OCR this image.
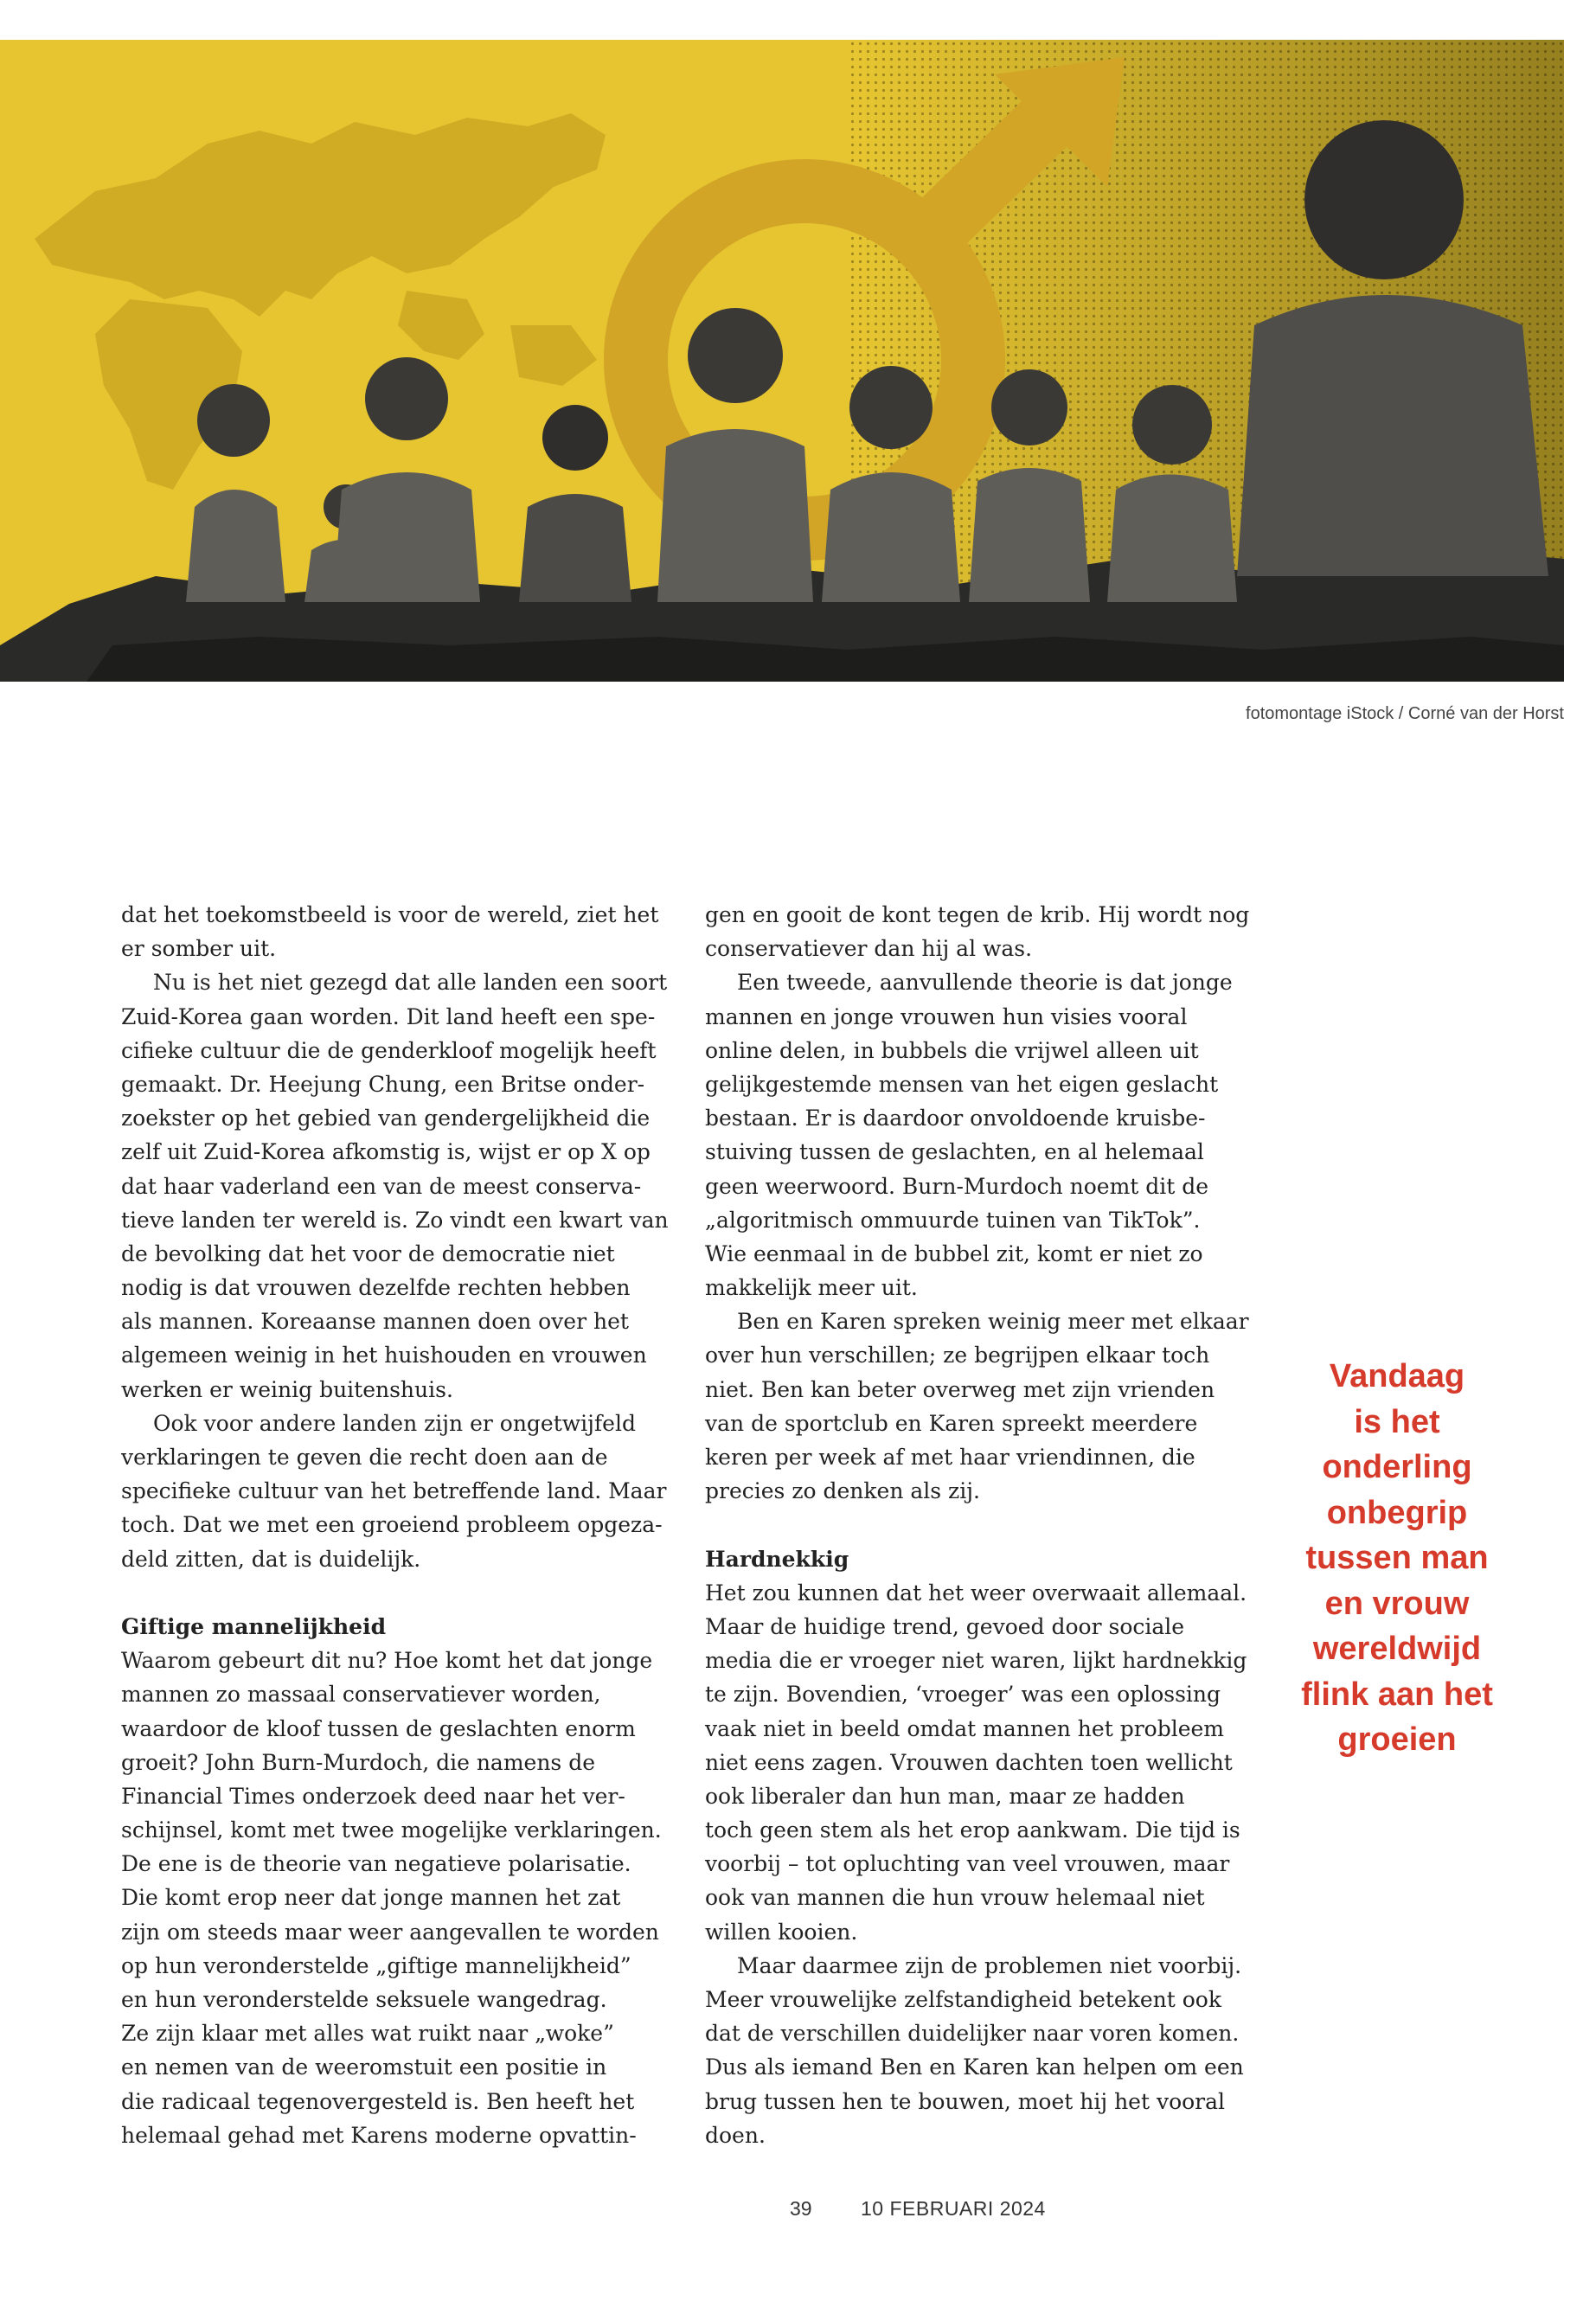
fotomontage iStock / Corné van der Horst
dat het toekomstbeeld is voor de wereld, ziet het
er somber uit.
Nu is het niet gezegd dat alle landen een soort
Zuid-Korea gaan worden. Dit land heeft een spe-
cifieke cultuur die de genderkloof mogelijk heeft
gemaakt. Dr. Heejung Chung, een Britse onder-
zoekster op het gebied van gendergelijkheid die
zelf uit Zuid-Korea afkomstig is, wijst er op X op
dat haar vaderland een van de meest conserva-
tieve landen ter wereld is. Zo vindt een kwart van
de bevolking dat het voor de democratie niet
nodig is dat vrouwen dezelfde rechten hebben
als mannen. Koreaanse mannen doen over het
algemeen weinig in het huishouden en vrouwen
werken er weinig buitenshuis.
Ook voor andere landen zijn er ongetwijfeld
verklaringen te geven die recht doen aan de
specifieke cultuur van het betreffende land. Maar
toch. Dat we met een groeiend probleem opgeza-
deld zitten, dat is duidelijk.
Giftige mannelijkheid
Waarom gebeurt dit nu? Hoe komt het dat jonge
mannen zo massaal conservatiever worden,
waardoor de kloof tussen de geslachten enorm
groeit? John Burn-Murdoch, die namens de
Financial Times onderzoek deed naar het ver-
schijnsel, komt met twee mogelijke verklaringen.
De ene is de theorie van negatieve polarisatie.
Die komt erop neer dat jonge mannen het zat
zijn om steeds maar weer aangevallen te worden
op hun veronderstelde „giftige mannelijkheid”
en hun veronderstelde seksuele wangedrag.
Ze zijn klaar met alles wat ruikt naar „woke”
en nemen van de weeromstuit een positie in
die radicaal tegenovergesteld is. Ben heeft het
helemaal gehad met Karens moderne opvattin-
gen en gooit de kont tegen de krib. Hij wordt nog
conservatiever dan hij al was.
Een tweede, aanvullende theorie is dat jonge
mannen en jonge vrouwen hun visies vooral
online delen, in bubbels die vrijwel alleen uit
gelijkgestemde mensen van het eigen geslacht
bestaan. Er is daardoor onvoldoende kruisbe-
stuiving tussen de geslachten, en al helemaal
geen weerwoord. Burn-Murdoch noemt dit de
„algoritmisch ommuurde tuinen van TikTok”.
Wie eenmaal in de bubbel zit, komt er niet zo
makkelijk meer uit.
Ben en Karen spreken weinig meer met elkaar
over hun verschillen; ze begrijpen elkaar toch
niet. Ben kan beter overweg met zijn vrienden
van de sportclub en Karen spreekt meerdere
keren per week af met haar vriendinnen, die
precies zo denken als zij.
Hardnekkig
Het zou kunnen dat het weer overwaait allemaal.
Maar de huidige trend, gevoed door sociale
media die er vroeger niet waren, lijkt hardnekkig
te zijn. Bovendien, ‘vroeger’ was een oplossing
vaak niet in beeld omdat mannen het probleem
niet eens zagen. Vrouwen dachten toen wellicht
ook liberaler dan hun man, maar ze hadden
toch geen stem als het erop aankwam. Die tijd is
voorbij – tot opluchting van veel vrouwen, maar
ook van mannen die hun vrouw helemaal niet
willen kooien.
Maar daarmee zijn de problemen niet voorbij.
Meer vrouwelijke zelfstandigheid betekent ook
dat de verschillen duidelijker naar voren komen.
Dus als iemand Ben en Karen kan helpen om een
brug tussen hen te bouwen, moet hij het vooral
doen.
Vandaag
is het
onderling
onbegrip
tussen man
en vrouw
wereldwijd
flink aan het
groeien
39 10 FEBRUARI 2024
